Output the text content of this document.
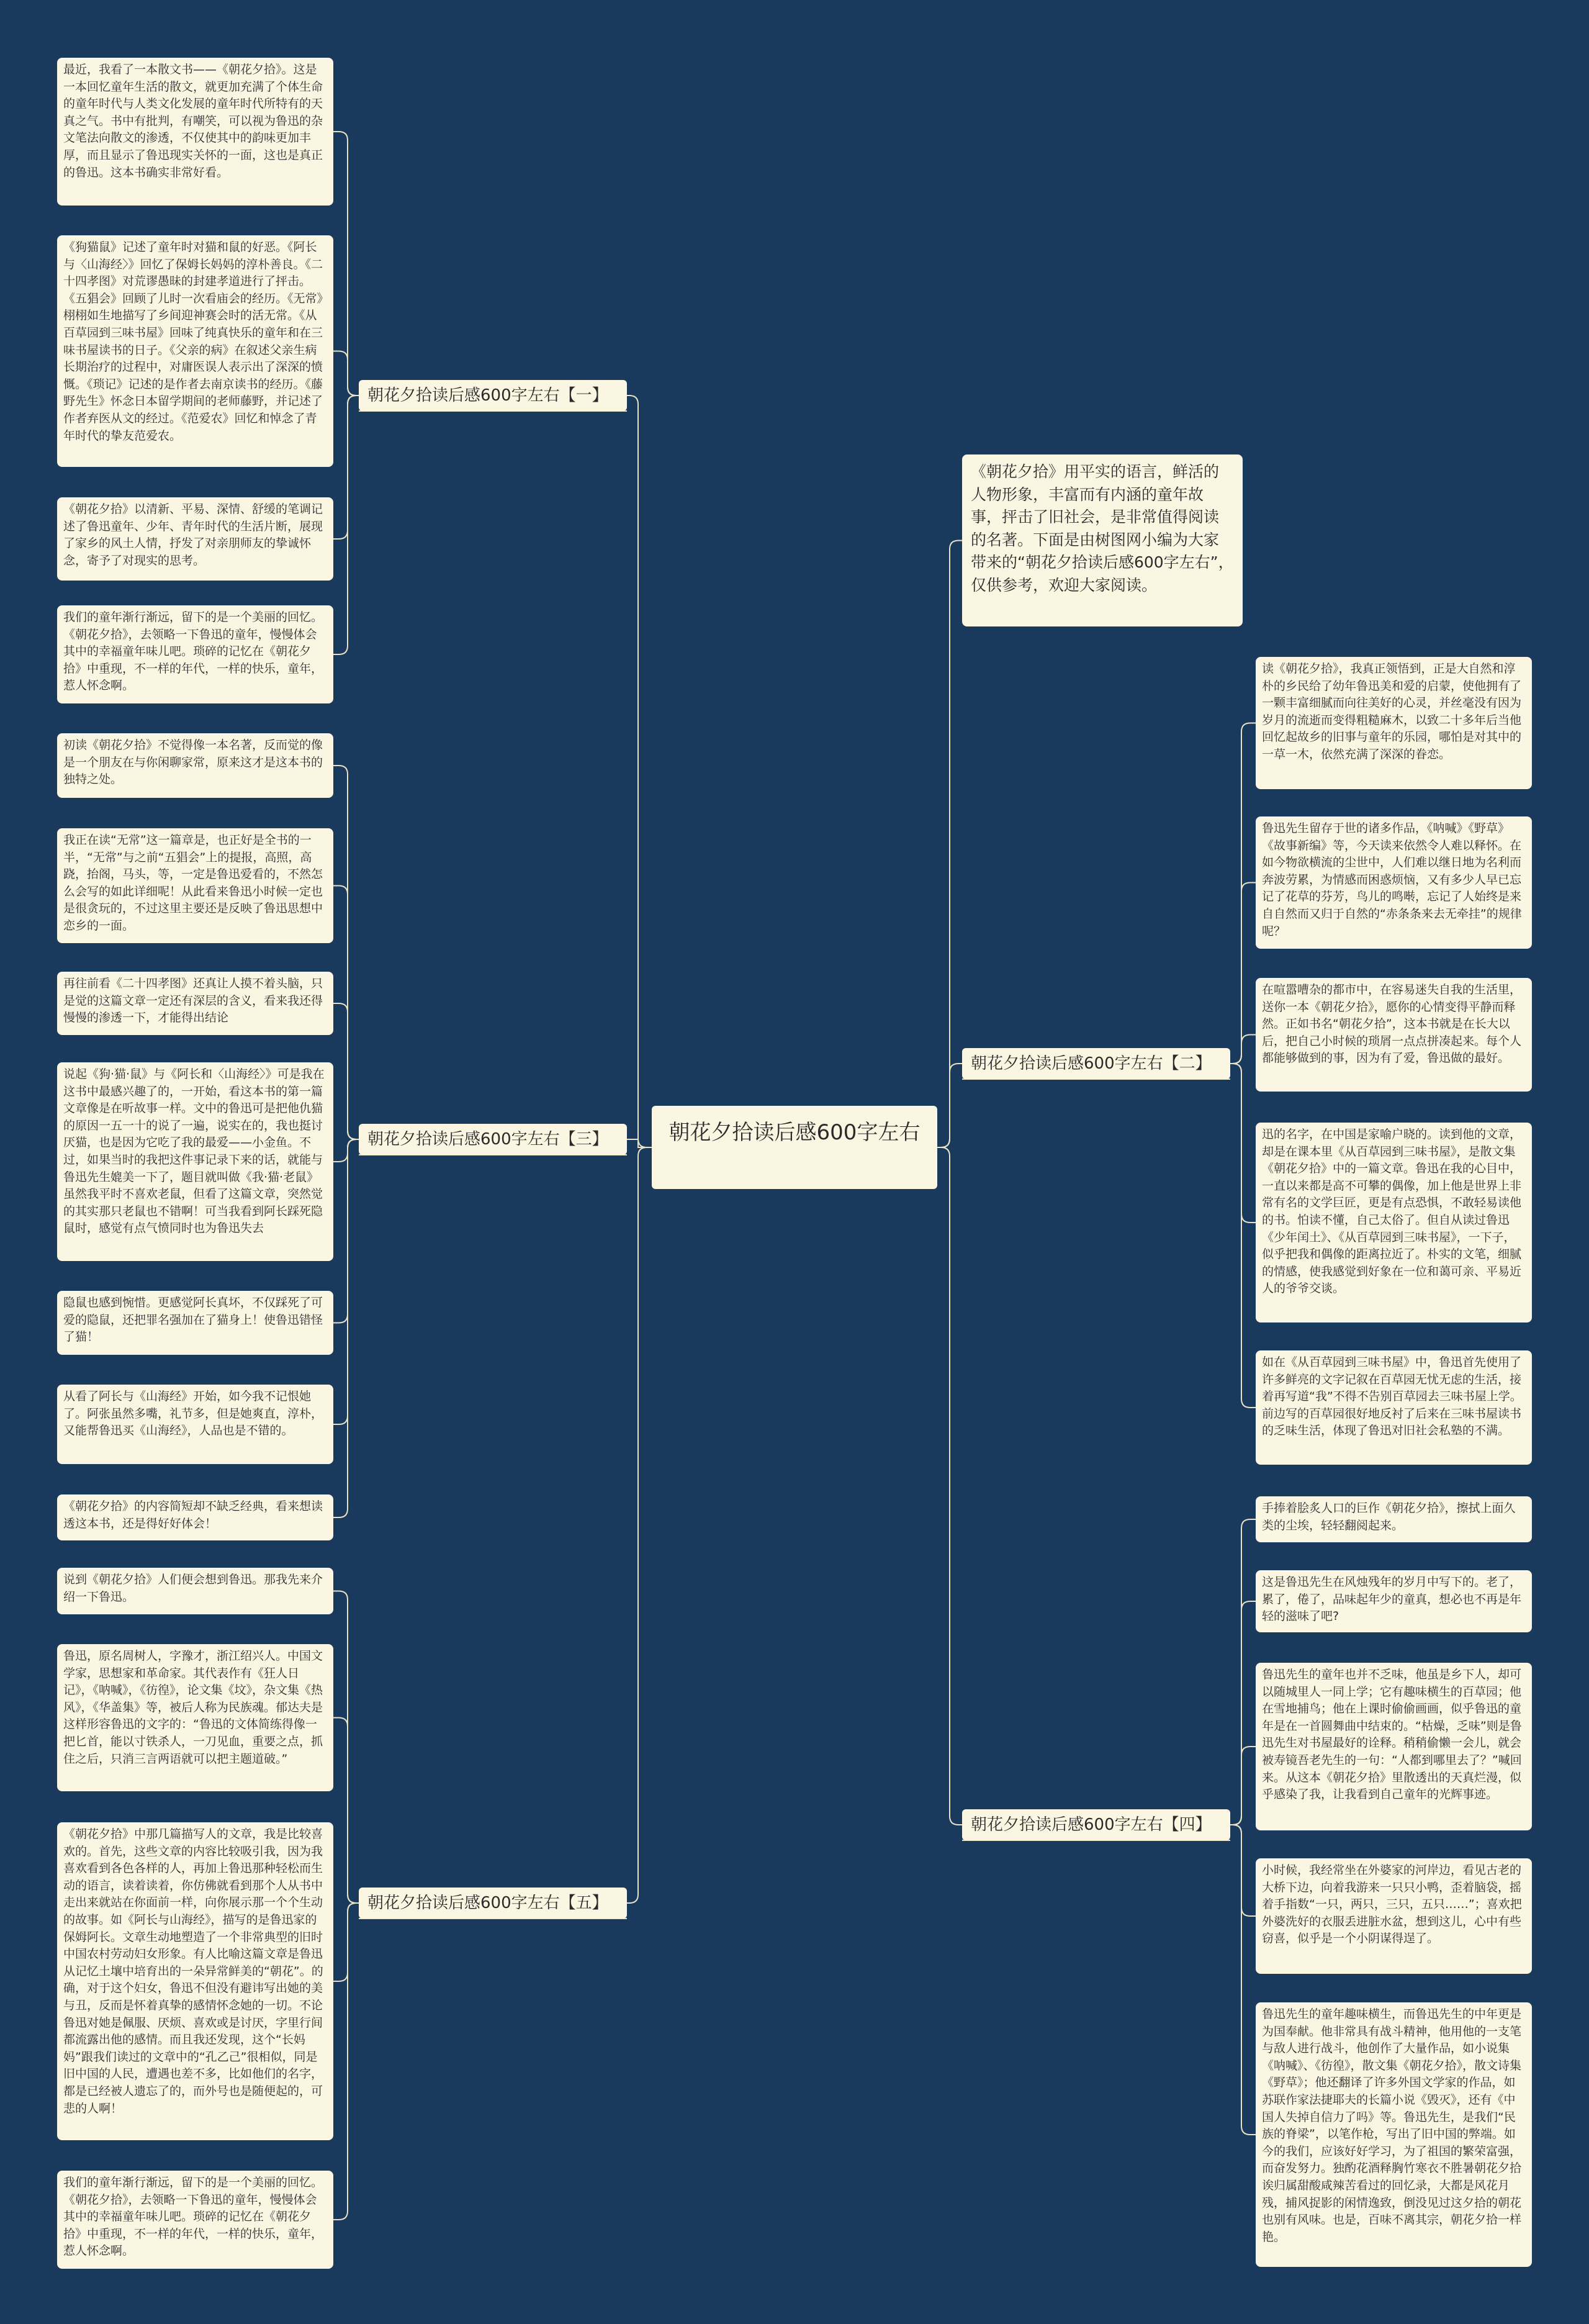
朝花夕拾读后感600字左右
《朝花夕拾》用平实的语言，鲜活的人物形象，丰富而有内涵的童年故事，抨击了旧社会，是非常值得阅读的名著。下面是由树图网小编为大家带来的“朝花夕拾读后感600字左右”，仅供参考，欢迎大家阅读。
朝花夕拾读后感600字左右【一】
最近，我看了一本散文书——《朝花夕拾》。这是一本回忆童年生活的散文，就更加充满了个体生命的童年时代与人类文化发展的童年时代所特有的天真之气。书中有批判，有嘲笑，可以视为鲁迅的杂文笔法向散文的渗透，不仅使其中的韵味更加丰厚，而且显示了鲁迅现实关怀的一面，这也是真正的鲁迅。这本书确实非常好看。
《狗猫鼠》记述了童年时对猫和鼠的好恶。《阿长与〈山海经〉》回忆了保姆长妈妈的淳朴善良。《二十四孝图》对荒谬愚昧的封建孝道进行了抨击。《五猖会》回顾了儿时一次看庙会的经历。《无常》栩栩如生地描写了乡间迎神赛会时的活无常。《从百草园到三味书屋》回味了纯真快乐的童年和在三味书屋读书的日子。《父亲的病》在叙述父亲生病长期治疗的过程中，对庸医误人表示出了深深的愤慨。《琐记》记述的是作者去南京读书的经历。《藤野先生》怀念日本留学期间的老师藤野，并记述了作者弃医从文的经过。《范爱农》回忆和悼念了青年时代的挚友范爱农。
《朝花夕拾》以清新、平易、深情、舒缓的笔调记述了鲁迅童年、少年、青年时代的生活片断，展现了家乡的风土人情，抒发了对亲朋师友的挚诚怀念，寄予了对现实的思考。
我们的童年渐行渐远，留下的是一个美丽的回忆。《朝花夕拾》，去领略一下鲁迅的童年，慢慢体会其中的幸福童年味儿吧。琐碎的记忆在《朝花夕拾》中重现，不一样的年代，一样的快乐，童年，惹人怀念啊。
朝花夕拾读后感600字左右【二】
读《朝花夕拾》，我真正领悟到，正是大自然和淳朴的乡民给了幼年鲁迅美和爱的启蒙，使他拥有了一颗丰富细腻而向往美好的心灵，并丝毫没有因为岁月的流逝而变得粗糙麻木，以致二十多年后当他回忆起故乡的旧事与童年的乐园，哪怕是对其中的一草一木，依然充满了深深的眷恋。
鲁迅先生留存于世的诸多作品，《呐喊》《野草》《故事新编》等，今天读来依然令人难以释怀。在如今物欲横流的尘世中，人们难以继日地为名利而奔波劳累，为情感而困惑烦恼，又有多少人早已忘记了花草的芬芳，鸟儿的鸣啭，忘记了人始终是来自自然而又归于自然的“赤条条来去无牵挂”的规律呢？
在喧嚣嘈杂的都市中，在容易迷失自我的生活里，送你一本《朝花夕拾》，愿你的心情变得平静而释然。正如书名“朝花夕拾”，这本书就是在长大以后，把自己小时候的琐屑一点点拼凑起来。每个人都能够做到的事，因为有了爱，鲁迅做的最好。
迅的名字，在中国是家喻户晓的。读到他的文章，却是在课本里《从百草园到三味书屋》，是散文集《朝花夕拾》中的一篇文章。鲁迅在我的心目中，一直以来都是高不可攀的偶像，加上他是世界上非常有名的文学巨匠，更是有点恐惧，不敢轻易读他的书。怕读不懂，自己太俗了。但自从读过鲁迅《少年闰土》、《从百草园到三味书屋》，一下子，似乎把我和偶像的距离拉近了。朴实的文笔，细腻的情感，使我感觉到好象在一位和蔼可亲、平易近人的爷爷交谈。
如在《从百草园到三味书屋》中，鲁迅首先使用了许多鲜亮的文字记叙在百草园无忧无虑的生活，接着再写道“我”不得不告别百草园去三味书屋上学。前边写的百草园很好地反衬了后来在三味书屋读书的乏味生活，体现了鲁迅对旧社会私塾的不满。
朝花夕拾读后感600字左右【三】
初读《朝花夕拾》不觉得像一本名著，反而觉的像是一个朋友在与你闲聊家常，原来这才是这本书的独特之处。
我正在读“无常”这一篇章是，也正好是全书的一半，“无常”与之前“五猖会”上的提报，高照，高跷，抬阁，马头，等，一定是鲁迅爱看的，不然怎么会写的如此详细呢！从此看来鲁迅小时候一定也是很贪玩的，不过这里主要还是反映了鲁迅思想中恋乡的一面。
再往前看《二十四孝图》还真让人摸不着头脑，只是觉的这篇文章一定还有深层的含义，看来我还得慢慢的渗透一下，才能得出结论
说起《狗·猫·鼠》与《阿长和〈山海经〉》可是我在这书中最感兴趣了的，一开始，看这本书的第一篇文章像是在听故事一样。文中的鲁迅可是把他仇猫的原因一五一十的说了一遍，说实在的，我也挺讨厌猫，也是因为它吃了我的最爱——小金鱼。不过，如果当时的我把这件事记录下来的话，就能与鲁迅先生媲美一下了，题目就叫做《我·猫·老鼠》虽然我平时不喜欢老鼠，但看了这篇文章，突然觉的其实那只老鼠也不错啊！可当我看到阿长踩死隐鼠时，感觉有点气愤同时也为鲁迅失去
隐鼠也感到惋惜。更感觉阿长真坏，不仅踩死了可爱的隐鼠，还把罪名强加在了猫身上！使鲁迅错怪了猫！
从看了阿长与《山海经》开始，如今我不记恨她了。阿张虽然多嘴，礼节多，但是她爽直，淳朴，又能帮鲁迅买《山海经》，人品也是不错的。
《朝花夕拾》的内容简短却不缺乏经典，看来想读透这本书，还是得好好体会！
朝花夕拾读后感600字左右【四】
手捧着脍炙人口的巨作《朝花夕拾》，擦拭上面久类的尘埃，轻轻翻阅起来。
这是鲁迅先生在风烛残年的岁月中写下的。老了，累了，倦了，品味起年少的童真，想必也不再是年轻的滋味了吧?
鲁迅先生的童年也并不乏味，他虽是乡下人，却可以随城里人一同上学；它有趣味横生的百草园；他在雪地捕鸟；他在上课时偷偷画画，似乎鲁迅的童年是在一首圆舞曲中结束的。“枯燥，乏味”则是鲁迅先生对书屋最好的诠释。稍稍偷懒一会儿，就会被寿镜吾老先生的一句：“人都到哪里去了？”喊回来。从这本《朝花夕拾》里散透出的天真烂漫，似乎感染了我，让我看到自己童年的光辉事迹。
小时候，我经常坐在外婆家的河岸边，看见古老的大桥下边，向着我游来一只只小鸭，歪着脑袋，摇着手指数“一只，两只，三只，五只……”；喜欢把外婆洗好的衣服丢进脏水盆，想到这儿，心中有些窃喜，似乎是一个小阴谋得逞了。
鲁迅先生的童年趣味横生，而鲁迅先生的中年更是为国奉献。他非常具有战斗精神，他用他的一支笔与敌人进行战斗，他创作了大量作品，如小说集《呐喊》、《彷徨》，散文集《朝花夕拾》，散文诗集《野草》；他还翻译了许多外国文学家的作品，如苏联作家法捷耶夫的长篇小说《毁灭》，还有《中国人失掉自信力了吗》等。鲁迅先生，是我们“民族的脊梁”，以笔作枪，写出了旧中国的弊端。如今的我们，应该好好学习，为了祖国的繁荣富强，而奋发努力。独酌花酒释胸竹寒衣不胜暑朝花夕拾诶归属甜酸咸辣苦看过的回忆录，大都是风花月残，捕风捉影的闲情逸致，倒没见过这夕拾的朝花也别有风味。也是，百味不离其宗，朝花夕拾一样艳。
朝花夕拾读后感600字左右【五】
说到《朝花夕拾》人们便会想到鲁迅。那我先来介绍一下鲁迅。
鲁迅，原名周树人，字豫才，浙江绍兴人。中国文学家，思想家和革命家。其代表作有《狂人日记》，《呐喊》，《彷徨》，论文集《坟》，杂文集《热风》，《华盖集》等，被后人称为民族魂。郁达夫是这样形容鲁迅的文字的：“鲁迅的文体简练得像一把匕首，能以寸铁杀人，一刀见血，重要之点，抓住之后，只消三言两语就可以把主题道破。”
《朝花夕拾》中那几篇描写人的文章，我是比较喜欢的。首先，这些文章的内容比较吸引我，因为我喜欢看到各色各样的人，再加上鲁迅那种轻松而生动的语言，读着读着，你仿佛就看到那个人从书中走出来就站在你面前一样，向你展示那一个个生动的故事。如《阿长与山海经》，描写的是鲁迅家的保姆阿长。文章生动地塑造了一个非常典型的旧时中国农村劳动妇女形象。有人比喻这篇文章是鲁迅从记忆土壤中培育出的一朵异常鲜美的“朝花”。的确，对于这个妇女，鲁迅不但没有避讳写出她的美与丑，反而是怀着真挚的感情怀念她的一切。不论鲁迅对她是佩服、厌烦、喜欢或是讨厌，字里行间都流露出他的感情。而且我还发现，这个“长妈妈”跟我们读过的文章中的“孔乙己”很相似，同是旧中国的人民，遭遇也差不多，比如他们的名字，都是已经被人遗忘了的，而外号也是随便起的，可悲的人啊！
我们的童年渐行渐远，留下的是一个美丽的回忆。《朝花夕拾》，去领略一下鲁迅的童年，慢慢体会其中的幸福童年味儿吧。琐碎的记忆在《朝花夕拾》中重现，不一样的年代，一样的快乐，童年，惹人怀念啊。
